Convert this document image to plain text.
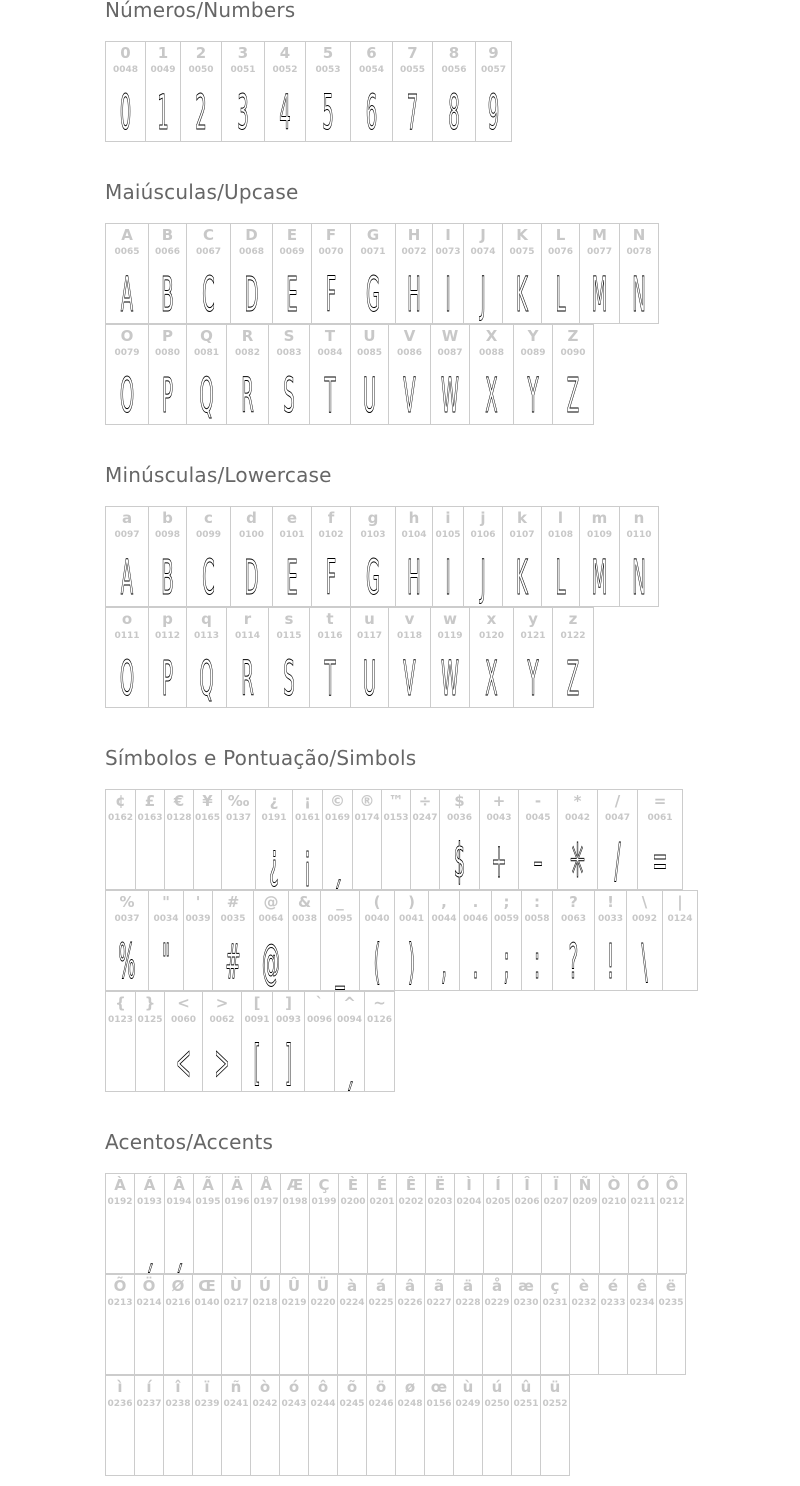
Números/Numbers
0
0048
0
1
0049
1
2
0050
2
3
0051
3
4
0052
4
5
0053
5
6
0054
6
7
0055
7
8
0056
8
9
0057
9
Maiúsculas/Upcase
A
0065
A
B
0066
B
C
0067
C
D
0068
D
E
0069
E
F
0070
F
G
0071
G
H
0072
H
I
0073
I
J
0074
J
K
0075
K
L
0076
L
M
0077
M
N
0078
N
O
0079
O
P
0080
P
Q
0081
Q
R
0082
R
S
0083
S
T
0084
T
U
0085
U
V
0086
V
W
0087
W
X
0088
X
Y
0089
Y
Z
0090
Z
Minúsculas/Lowercase
a
0097
A
b
0098
B
c
0099
C
d
0100
D
e
0101
E
f
0102
F
g
0103
G
h
0104
H
i
0105
I
j
0106
J
k
0107
K
l
0108
L
m
0109
M
n
0110
N
o
0111
O
p
0112
P
q
0113
Q
r
0114
R
s
0115
S
t
0116
T
u
0117
U
v
0118
V
w
0119
W
x
0120
X
y
0121
Y
z
0122
Z
Símbolos e Pontuação/Simbols
¢
0162
£
0163
€
0128
¥
0165
‰
0137
¿
0191
¿
¡
0161
¡
©
0169
ˏ
®
0174
™
0153
÷
0247
$
0036
$
+
0043
+
-
0045
–
*
0042
✳
/
0047
/
=
0061
=
%
0037
%
"
0034
"
'
0039
#
0035
#
@
0064
@
&
0038
_
0095
_
(
0040
(
)
0041
)
,
0044
,
.
0046
.
;
0059
;
:
0058
:
?
0063
?
!
0033
!
\
0092
\
|
0124
{
0123
}
0125
<
0060
<
>
0062
>
[
0091
[
]
0093
]
`
0096
^
0094
ˏ
~
0126
Acentos/Accents
À
0192
Á
0193
ˏ
Â
0194
ˏ
Ã
0195
Ä
0196
Å
0197
Æ
0198
Ç
0199
È
0200
É
0201
Ê
0202
Ë
0203
Ì
0204
Í
0205
Î
0206
Ï
0207
Ñ
0209
Ò
0210
Ó
0211
Ô
0212
Õ
0213
Ö
0214
Ø
0216
Œ
0140
Ù
0217
Ú
0218
Û
0219
Ü
0220
à
0224
á
0225
â
0226
ã
0227
ä
0228
å
0229
æ
0230
ç
0231
è
0232
é
0233
ê
0234
ë
0235
ì
0236
í
0237
î
0238
ï
0239
ñ
0241
ò
0242
ó
0243
ô
0244
õ
0245
ö
0246
ø
0248
œ
0156
ù
0249
ú
0250
û
0251
ü
0252
